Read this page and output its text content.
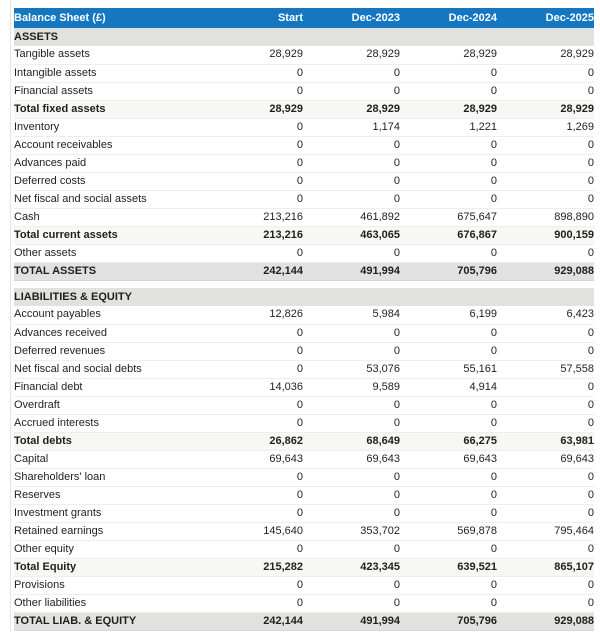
Balance Sheet (£)	Start	Dec-2023	Dec-2024	Dec-2025
ASSETS				
Tangible assets	28,929	28,929	28,929	28,929
Intangible assets	0	0	0	0
Financial assets	0	0	0	0
Total fixed assets	28,929	28,929	28,929	28,929
Inventory	0	1,174	1,221	1,269
Account receivables	0	0	0	0
Advances paid	0	0	0	0
Deferred costs	0	0	0	0
Net fiscal and social assets	0	0	0	0
Cash	213,216	461,892	675,647	898,890
Total current assets	213,216	463,065	676,867	900,159
Other assets	0	0	0	0
TOTAL ASSETS	242,144	491,994	705,796	929,088

LIABILITIES & EQUITY				
Account payables	12,826	5,984	6,199	6,423
Advances received	0	0	0	0
Deferred revenues	0	0	0	0
Net fiscal and social debts	0	53,076	55,161	57,558
Financial debt	14,036	9,589	4,914	0
Overdraft	0	0	0	0
Accrued interests	0	0	0	0
Total debts	26,862	68,649	66,275	63,981
Capital	69,643	69,643	69,643	69,643
Shareholders' loan	0	0	0	0
Reserves	0	0	0	0
Investment grants	0	0	0	0
Retained earnings	145,640	353,702	569,878	795,464
Other equity	0	0	0	0
Total Equity	215,282	423,345	639,521	865,107
Provisions	0	0	0	0
Other liabilities	0	0	0	0
TOTAL LIAB. & EQUITY	242,144	491,994	705,796	929,088
